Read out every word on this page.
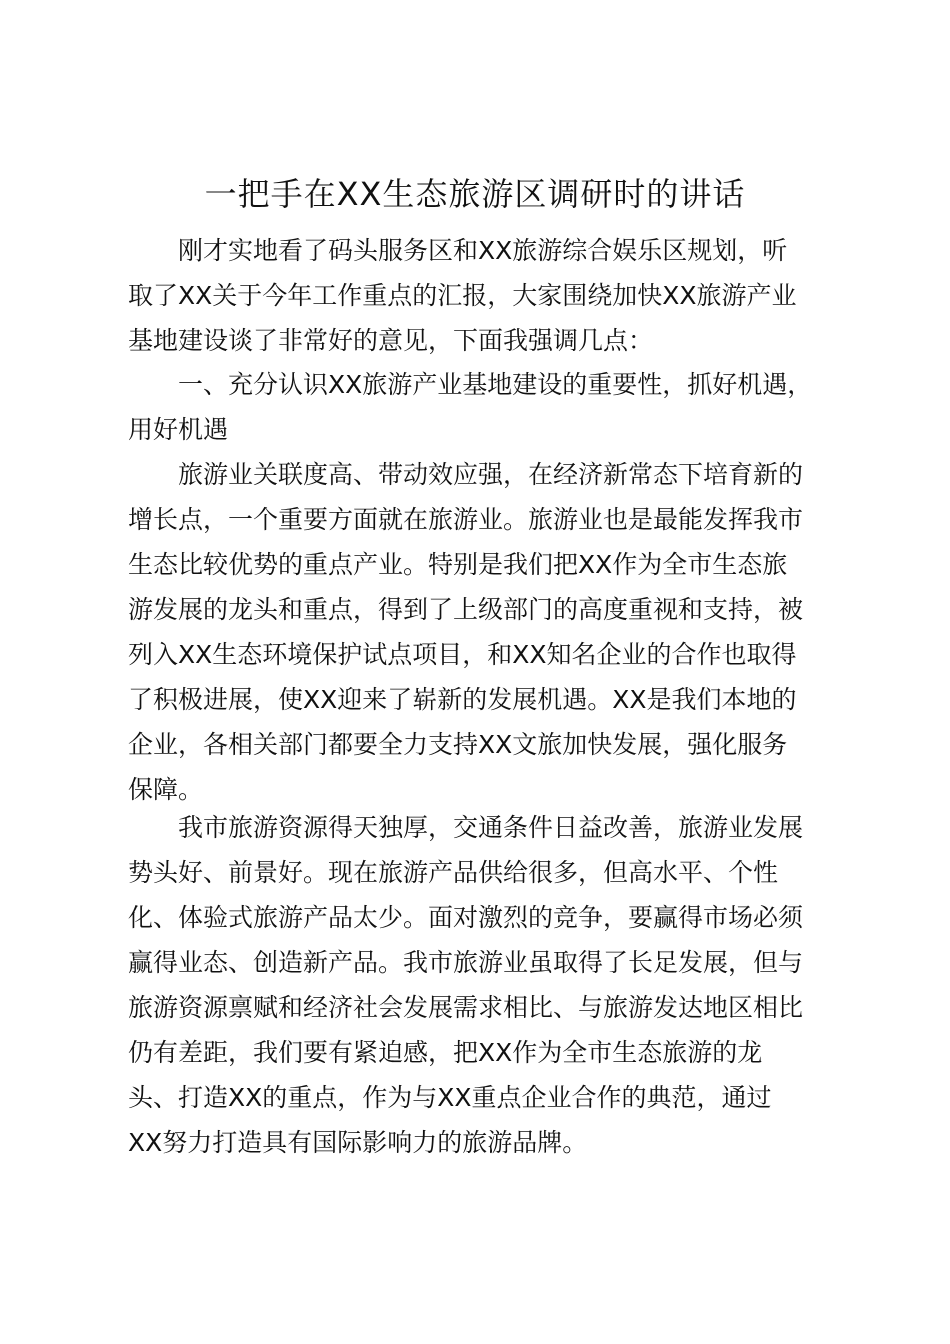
一把手在XX生态旅游区调研时的讲话
刚才实地看了码头服务区和XX旅游综合娱乐区规划，听
取了XX关于今年工作重点的汇报，大家围绕加快XX旅游产业
基地建设谈了非常好的意见，下面我强调几点：
一、充分认识XX旅游产业基地建设的重要性，抓好机遇，
用好机遇
旅游业关联度高、带动效应强，在经济新常态下培育新的
增长点，一个重要方面就在旅游业。旅游业也是最能发挥我市
生态比较优势的重点产业。特别是我们把XX作为全市生态旅
游发展的龙头和重点，得到了上级部门的高度重视和支持，被
列入XX生态环境保护试点项目，和XX知名企业的合作也取得
了积极进展，使XX迎来了崭新的发展机遇。XX是我们本地的
企业，各相关部门都要全力支持XX文旅加快发展，强化服务
保障。
我市旅游资源得天独厚，交通条件日益改善，旅游业发展
势头好、前景好。现在旅游产品供给很多，但高水平、个性
化、体验式旅游产品太少。面对激烈的竞争，要赢得市场必须
赢得业态、创造新产品。我市旅游业虽取得了长足发展，但与
旅游资源禀赋和经济社会发展需求相比、与旅游发达地区相比
仍有差距，我们要有紧迫感，把XX作为全市生态旅游的龙
头、打造XX的重点，作为与XX重点企业合作的典范，通过
XX努力打造具有国际影响力的旅游品牌。
